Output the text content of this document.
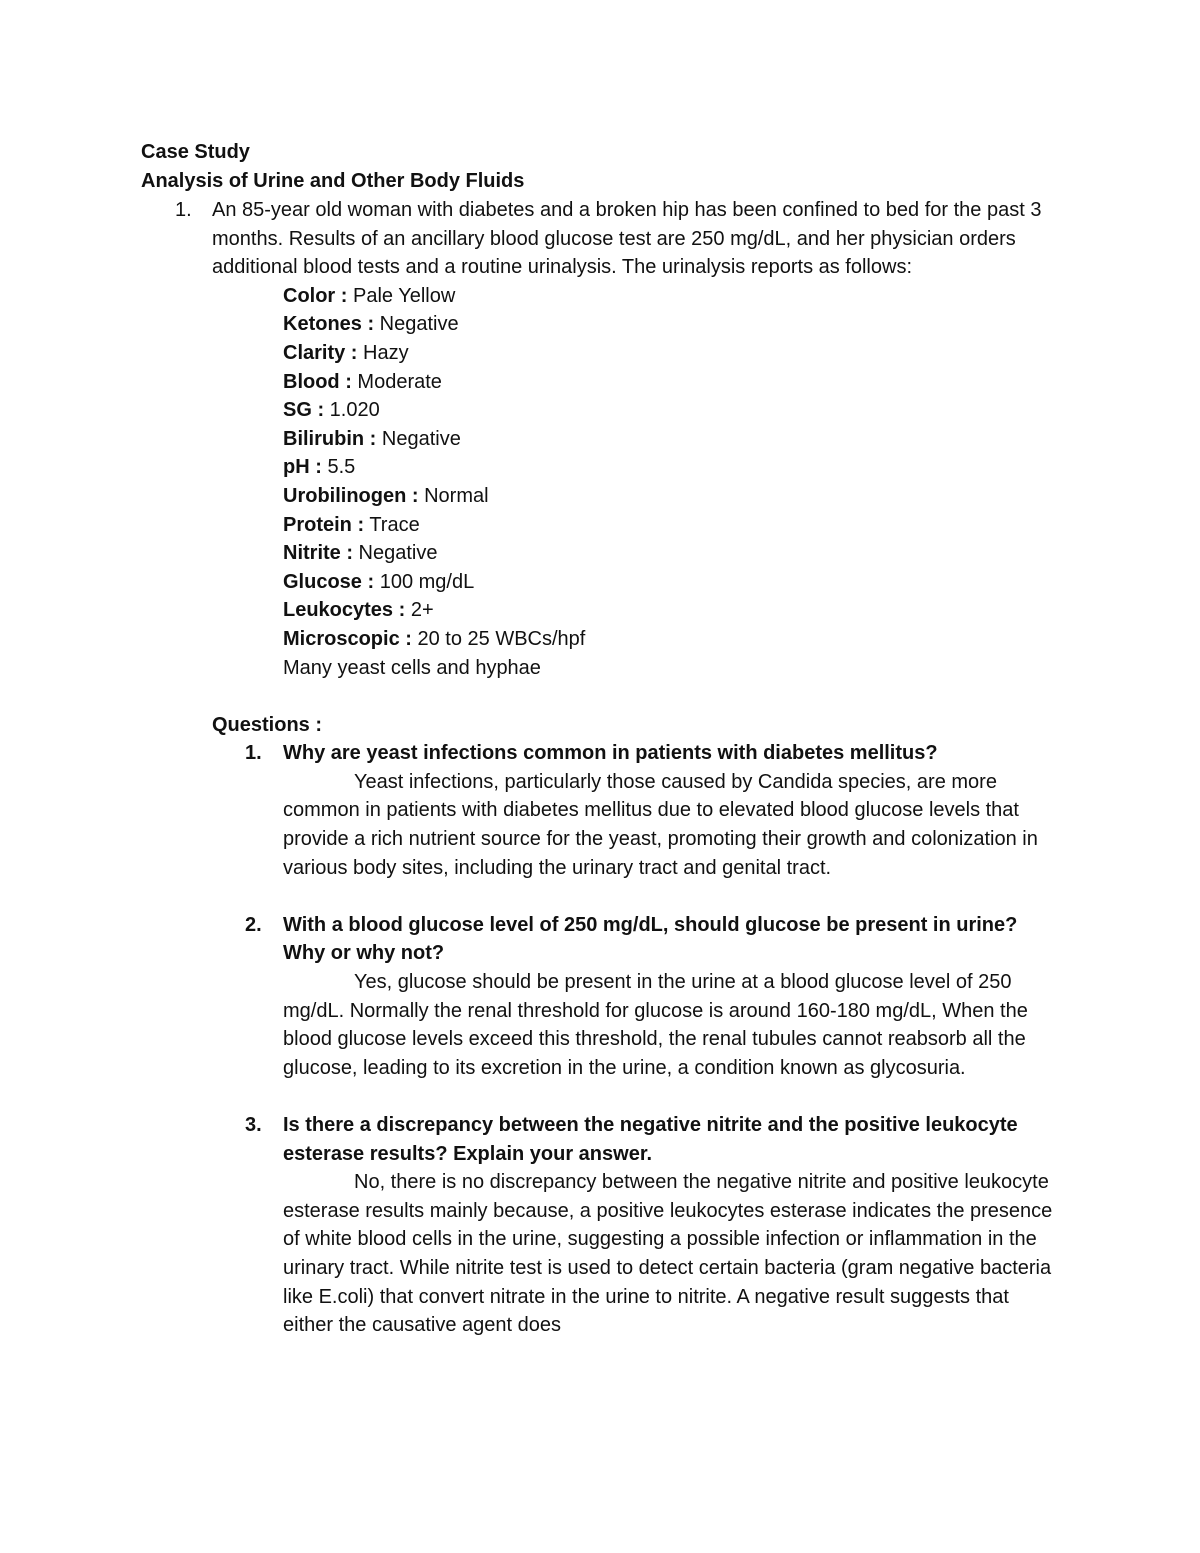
Case Study
Analysis of Urine and Other Body Fluids
1. An 85-year old woman with diabetes and a broken hip has been confined to bed for the past 3 months. Results of an ancillary blood glucose test are 250 mg/dL, and her physician orders additional blood tests and a routine urinalysis. The urinalysis reports as follows:
Color : Pale Yellow
Ketones : Negative
Clarity : Hazy
Blood : Moderate
SG : 1.020
Bilirubin : Negative
pH : 5.5
Urobilinogen : Normal
Protein : Trace
Nitrite : Negative
Glucose : 100 mg/dL
Leukocytes : 2+
Microscopic : 20 to 25 WBCs/hpf
Many yeast cells and hyphae
Questions :
1. Why are yeast infections common in patients with diabetes mellitus?
Yeast infections, particularly those caused by Candida species, are more common in patients with diabetes mellitus due to elevated blood glucose levels that provide a rich nutrient source for the yeast, promoting their growth and colonization in various body sites, including the urinary tract and genital tract.
2. With a blood glucose level of 250 mg/dL, should glucose be present in urine? Why or why not?
Yes, glucose should be present in the urine at a blood glucose level of 250 mg/dL. Normally the renal threshold for glucose is around 160-180 mg/dL, When the blood glucose levels exceed this threshold, the renal tubules cannot reabsorb all the glucose, leading to its excretion in the urine, a condition known as glycosuria.
3. Is there a discrepancy between the negative nitrite and the positive leukocyte esterase results? Explain your answer.
No, there is no discrepancy between the negative nitrite and positive leukocyte esterase results mainly because, a positive leukocytes esterase indicates the presence of white blood cells in the urine, suggesting a possible infection or inflammation in the urinary tract. While nitrite test is used to detect certain bacteria (gram negative bacteria like E.coli) that convert nitrate in the urine to nitrite. A negative result suggests that either the causative agent does
